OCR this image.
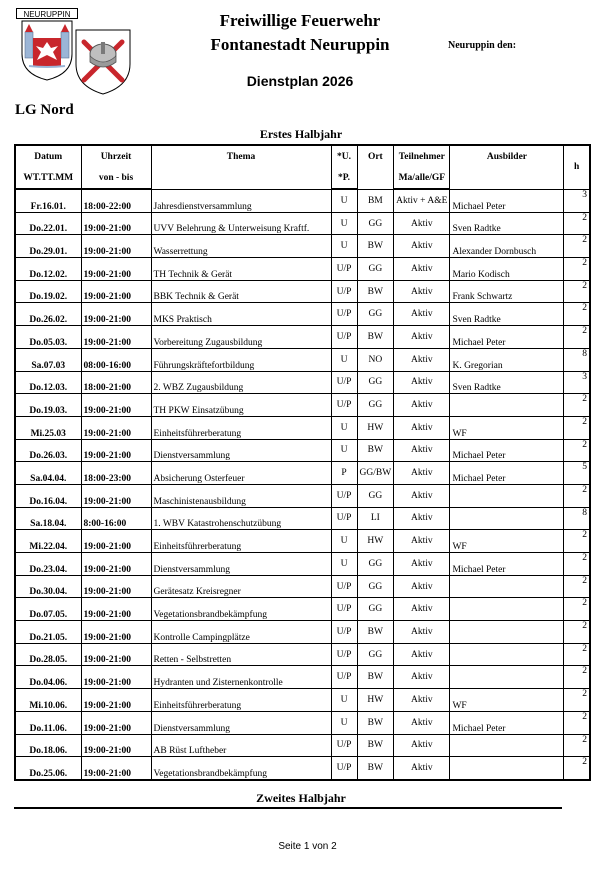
NEURUPPIN	Freiwillige Feuerwehr
Fontanestadt Neuruppin	Neuruppin den:
Dienstplan 2026
LG Nord
Erstes Halbjahr
Datum	Uhrzeit	Thema	*U.	Ort	Teilnehmer	Ausbilder	h
WT.TT.MM	von - bis		*P.		Ma/alle/GF		
Fr.16.01.	18:00-22:00	Jahresdienstversammlung	U	BM	Aktiv + A&E	Michael Peter	3
Do.22.01.	19:00-21:00	UVV Belehrung & Unterweisung Kraftf.	U	GG	Aktiv	Sven Radtke	2
Do.29.01.	19:00-21:00	Wasserrettung	U	BW	Aktiv	Alexander Dornbusch	2
Do.12.02.	19:00-21:00	TH Technik & Gerät	U/P	GG	Aktiv	Mario Kodisch	2
Do.19.02.	19:00-21:00	BBK Technik & Gerät	U/P	BW	Aktiv	Frank Schwartz	2
Do.26.02.	19:00-21:00	MKS Praktisch	U/P	GG	Aktiv	Sven Radtke	2
Do.05.03.	19:00-21:00	Vorbereitung Zugausbildung	U/P	BW	Aktiv	Michael Peter	2
Sa.07.03	08:00-16:00	Führungskräftefortbildung	U	NO	Aktiv	K. Gregorian	8
Do.12.03.	18:00-21:00	2. WBZ Zugausbildung	U/P	GG	Aktiv	Sven Radtke	3
Do.19.03.	19:00-21:00	TH PKW Einsatzübung	U/P	GG	Aktiv		2
Mi.25.03	19:00-21:00	Einheitsführerberatung	U	HW	Aktiv	WF	2
Do.26.03.	19:00-21:00	Dienstversammlung	U	BW	Aktiv	Michael Peter	2
Sa.04.04.	18:00-23:00	Absicherung Osterfeuer	P	GG/BW	Aktiv	Michael Peter	5
Do.16.04.	19:00-21:00	Maschinistenausbildung	U/P	GG	Aktiv		2
Sa.18.04.	8:00-16:00	1. WBV Katastrohenschutzübung	U/P	LI	Aktiv		8
Mi.22.04.	19:00-21:00	Einheitsführerberatung	U	HW	Aktiv	WF	2
Do.23.04.	19:00-21:00	Dienstversammlung	U	GG	Aktiv	Michael Peter	2
Do.30.04.	19:00-21:00	Gerätesatz Kreisregner	U/P	GG	Aktiv		2
Do.07.05.	19:00-21:00	Vegetationsbrandbekämpfung	U/P	GG	Aktiv		2
Do.21.05.	19:00-21:00	Kontrolle Campingplätze	U/P	BW	Aktiv		2
Do.28.05.	19:00-21:00	Retten - Selbstretten	U/P	GG	Aktiv		2
Do.04.06.	19:00-21:00	Hydranten und Zisternenkontrolle	U/P	BW	Aktiv		2
Mi.10.06.	19:00-21:00	Einheitsführerberatung	U	HW	Aktiv	WF	2
Do.11.06.	19:00-21:00	Dienstversammlung	U	BW	Aktiv	Michael Peter	2
Do.18.06.	19:00-21:00	AB Rüst Luftheber	U/P	BW	Aktiv		2
Do.25.06.	19:00-21:00	Vegetationsbrandbekämpfung	U/P	BW	Aktiv		2
Zweites Halbjahr
Seite 1 von 2
